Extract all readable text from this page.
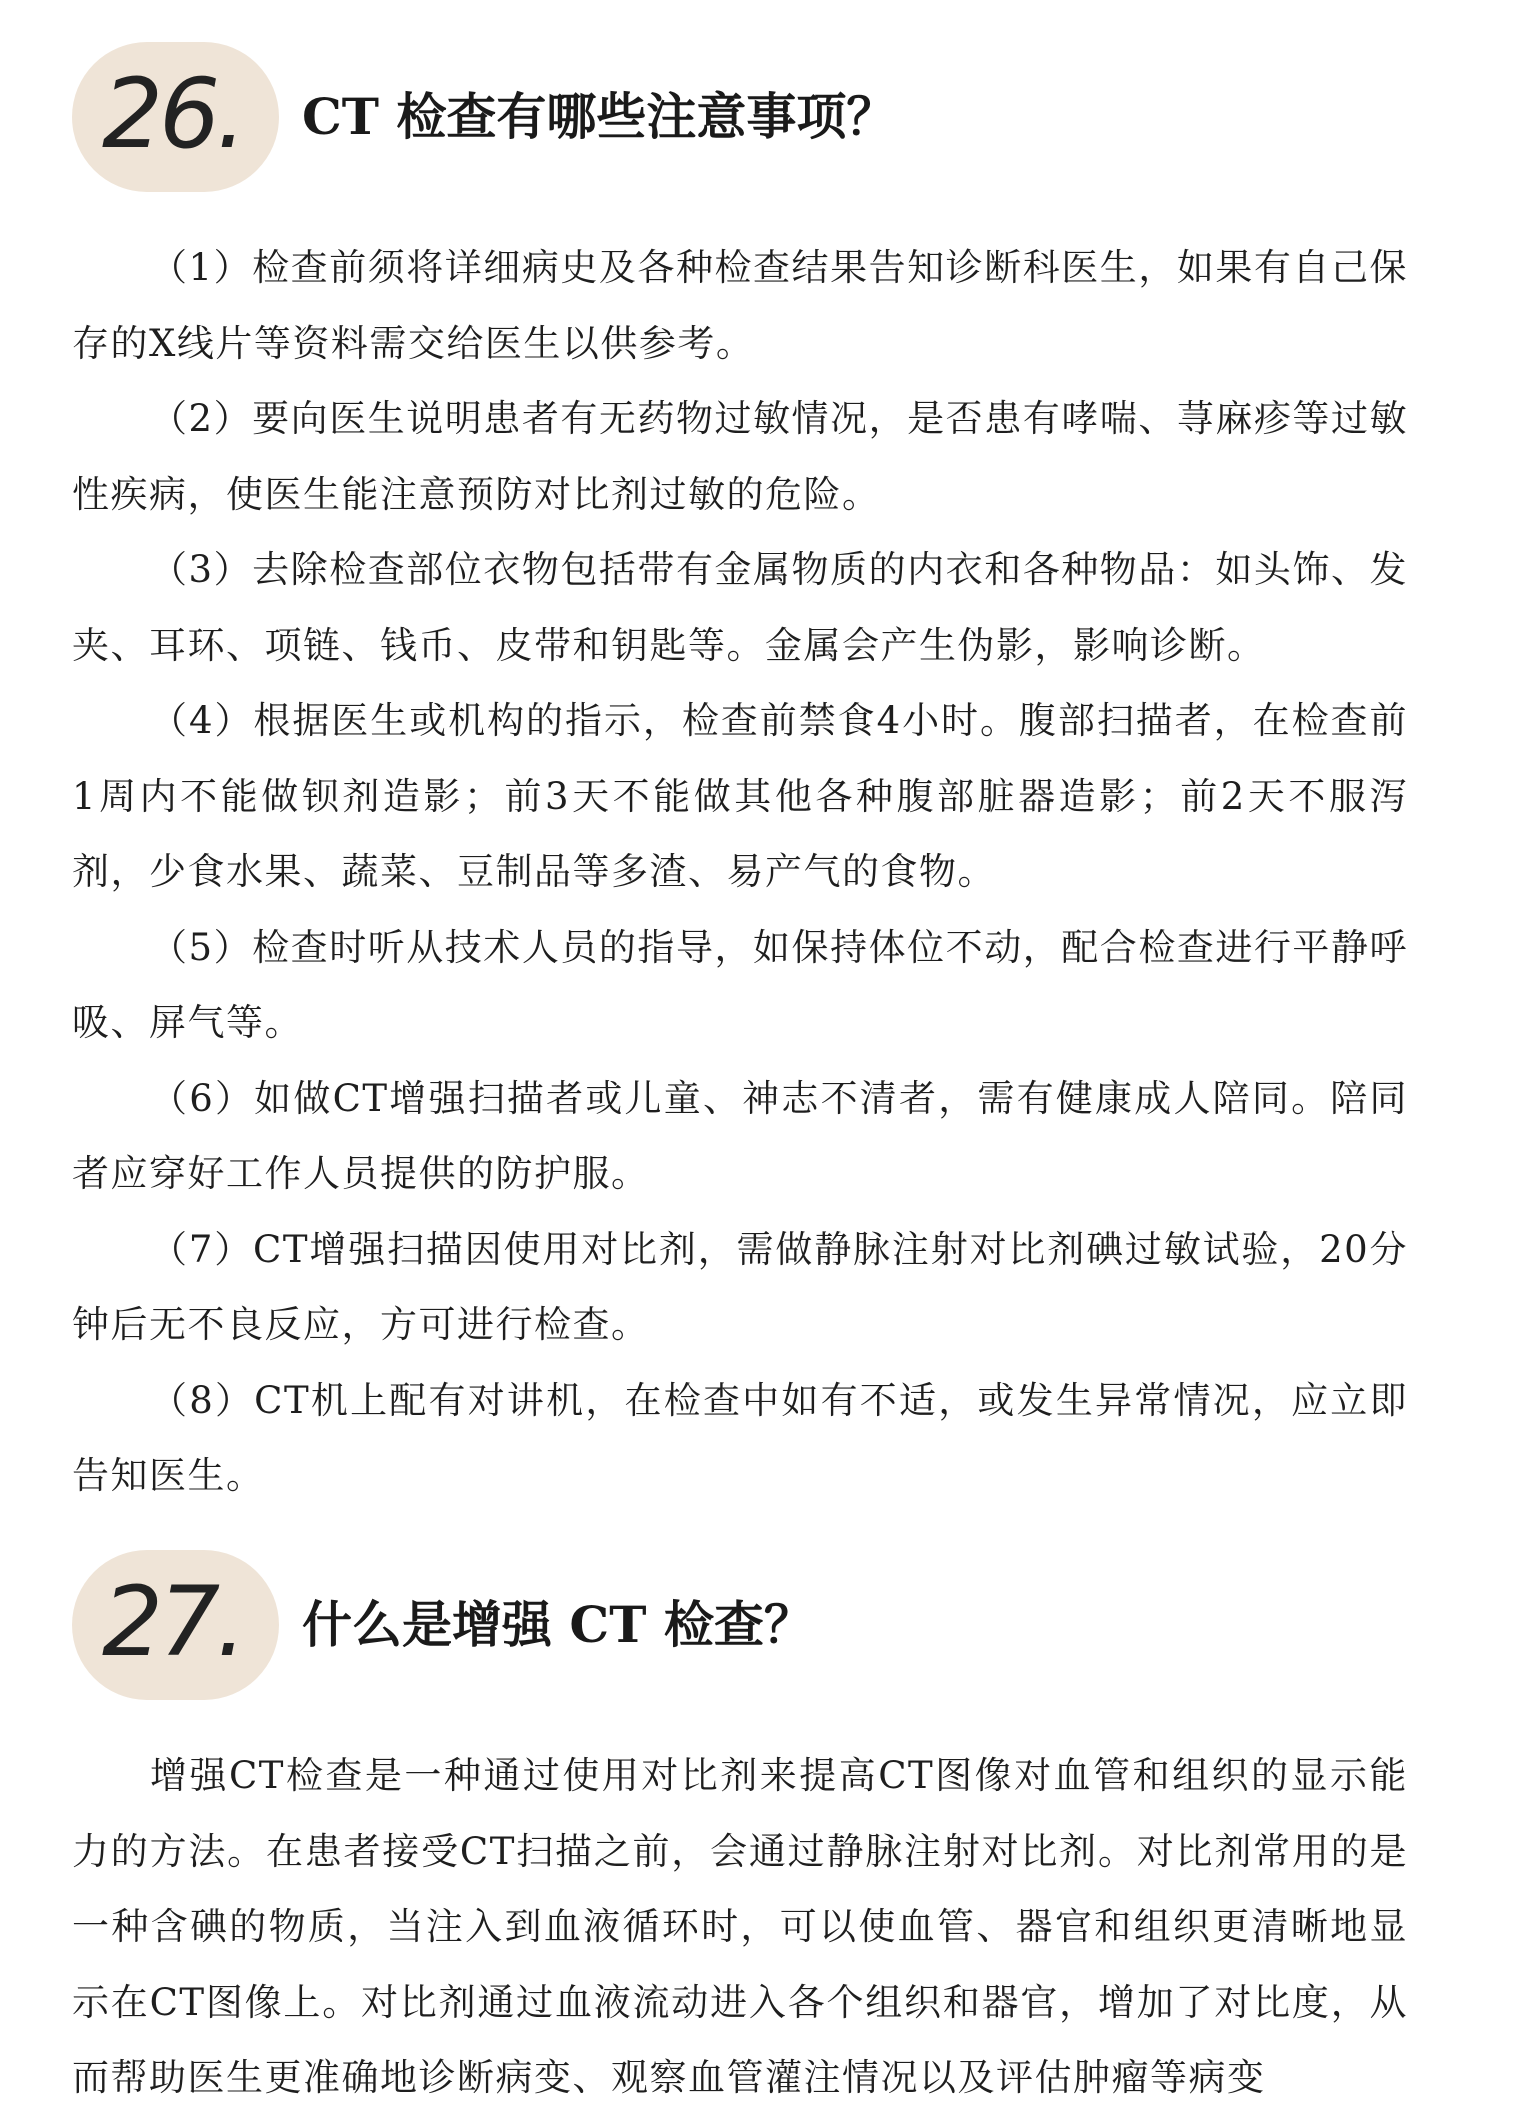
26. CT 检查有哪些注意事项？

（1）检查前须将详细病史及各种检查结果告知诊断科医生，如果有自己保存的X线片等资料需交给医生以供参考。

（2）要向医生说明患者有无药物过敏情况，是否患有哮喘、荨麻疹等过敏性疾病，使医生能注意预防对比剂过敏的危险。

（3）去除检查部位衣物包括带有金属物质的内衣和各种物品：如头饰、发夹、耳环、项链、钱币、皮带和钥匙等。金属会产生伪影，影响诊断。

（4）根据医生或机构的指示，检查前禁食4小时。腹部扫描者，在检查前1周内不能做钡剂造影；前3天不能做其他各种腹部脏器造影；前2天不服泻剂，少食水果、蔬菜、豆制品等多渣、易产气的食物。

（5）检查时听从技术人员的指导，如保持体位不动，配合检查进行平静呼吸、屏气等。

（6）如做CT增强扫描者或儿童、神志不清者，需有健康成人陪同。陪同者应穿好工作人员提供的防护服。

（7）CT增强扫描因使用对比剂，需做静脉注射对比剂碘过敏试验，20分钟后无不良反应，方可进行检查。

（8）CT机上配有对讲机，在检查中如有不适，或发生异常情况，应立即告知医生。

27. 什么是增强 CT 检查？

增强CT检查是一种通过使用对比剂来提高CT图像对血管和组织的显示能力的方法。在患者接受CT扫描之前，会通过静脉注射对比剂。对比剂常用的是一种含碘的物质，当注入到血液循环时，可以使血管、器官和组织更清晰地显示在CT图像上。对比剂通过血液流动进入各个组织和器官，增加了对比度，从而帮助医生更准确地诊断病变、观察血管灌注情况以及评估肿瘤等病变
